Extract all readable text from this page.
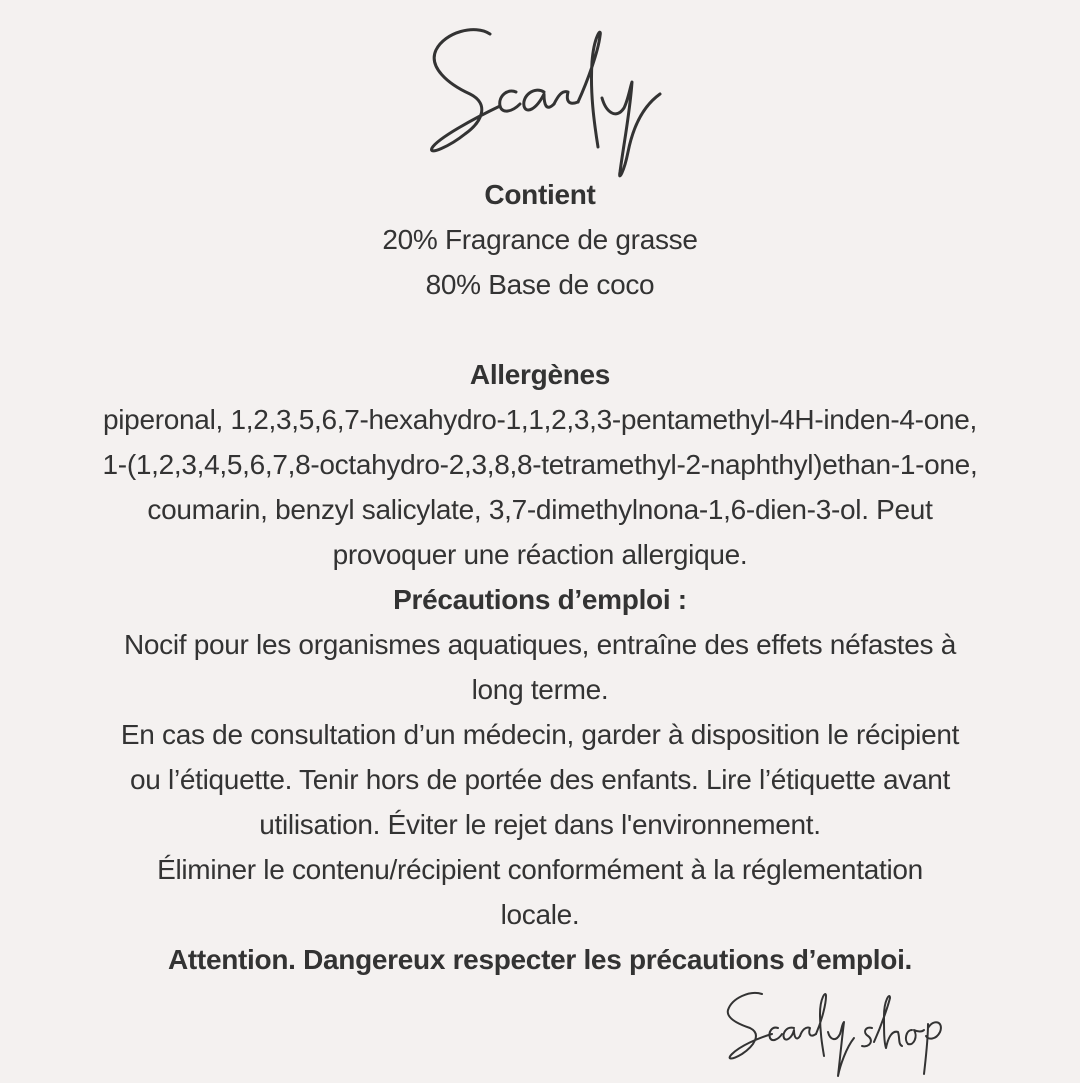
Contient
20% Fragrance de grasse
80% Base de coco
Allergènes
piperonal, 1,2,3,5,6,7-hexahydro-1,1,2,3,3-pentamethyl-4H-inden-4-one,
1-(1,2,3,4,5,6,7,8-octahydro-2,3,8,8-tetramethyl-2-naphthyl)ethan-1-one,
coumarin, benzyl salicylate, 3,7-dimethylnona-1,6-dien-3-ol. Peut
provoquer une réaction allergique.
Précautions d’emploi :
Nocif pour les organismes aquatiques, entraîne des effets néfastes à
long terme.
En cas de consultation d’un médecin, garder à disposition le récipient
ou l’étiquette. Tenir hors de portée des enfants. Lire l’étiquette avant
utilisation. Éviter le rejet dans l'environnement.
Éliminer le contenu/récipient conformément à la réglementation
locale.
Attention. Dangereux respecter les précautions d’emploi.
